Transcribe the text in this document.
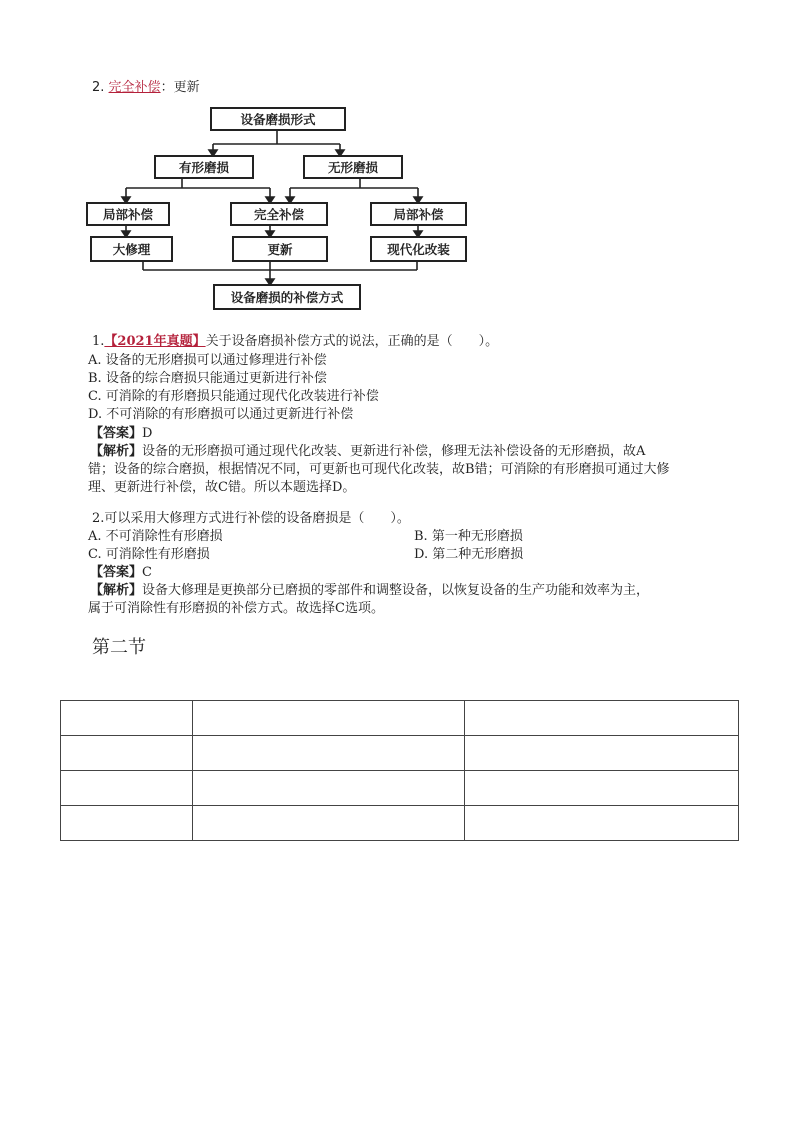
2. 完全补偿：更新
设备磨损形式
有形磨损	无形磨损
局部补偿	完全补偿	局部补偿
大修理	更新	现代化改装
设备磨损的补偿方式
1.【2021年真题】关于设备磨损补偿方式的说法，正确的是（　　）。
A. 设备的无形磨损可以通过修理进行补偿
B. 设备的综合磨损只能通过更新进行补偿
C. 可消除的有形磨损只能通过现代化改装进行补偿
D. 不可消除的有形磨损可以通过更新进行补偿
【答案】D
【解析】设备的无形磨损可通过现代化改装、更新进行补偿，修理无法补偿设备的无形磨损，故A
错；设备的综合磨损，根据情况不同，可更新也可现代化改装，故B错；可消除的有形磨损可通过大修
理、更新进行补偿，故C错。所以本题选择D。
2.可以采用大修理方式进行补偿的设备磨损是（　　）。
A. 不可消除性有形磨损	B. 第一种无形磨损
C. 可消除性有形磨损	D. 第二种无形磨损
【答案】C
【解析】设备大修理是更换部分已磨损的零部件和调整设备，以恢复设备的生产功能和效率为主，
属于可消除性有形磨损的补偿方式。故选择C选项。
第二节
